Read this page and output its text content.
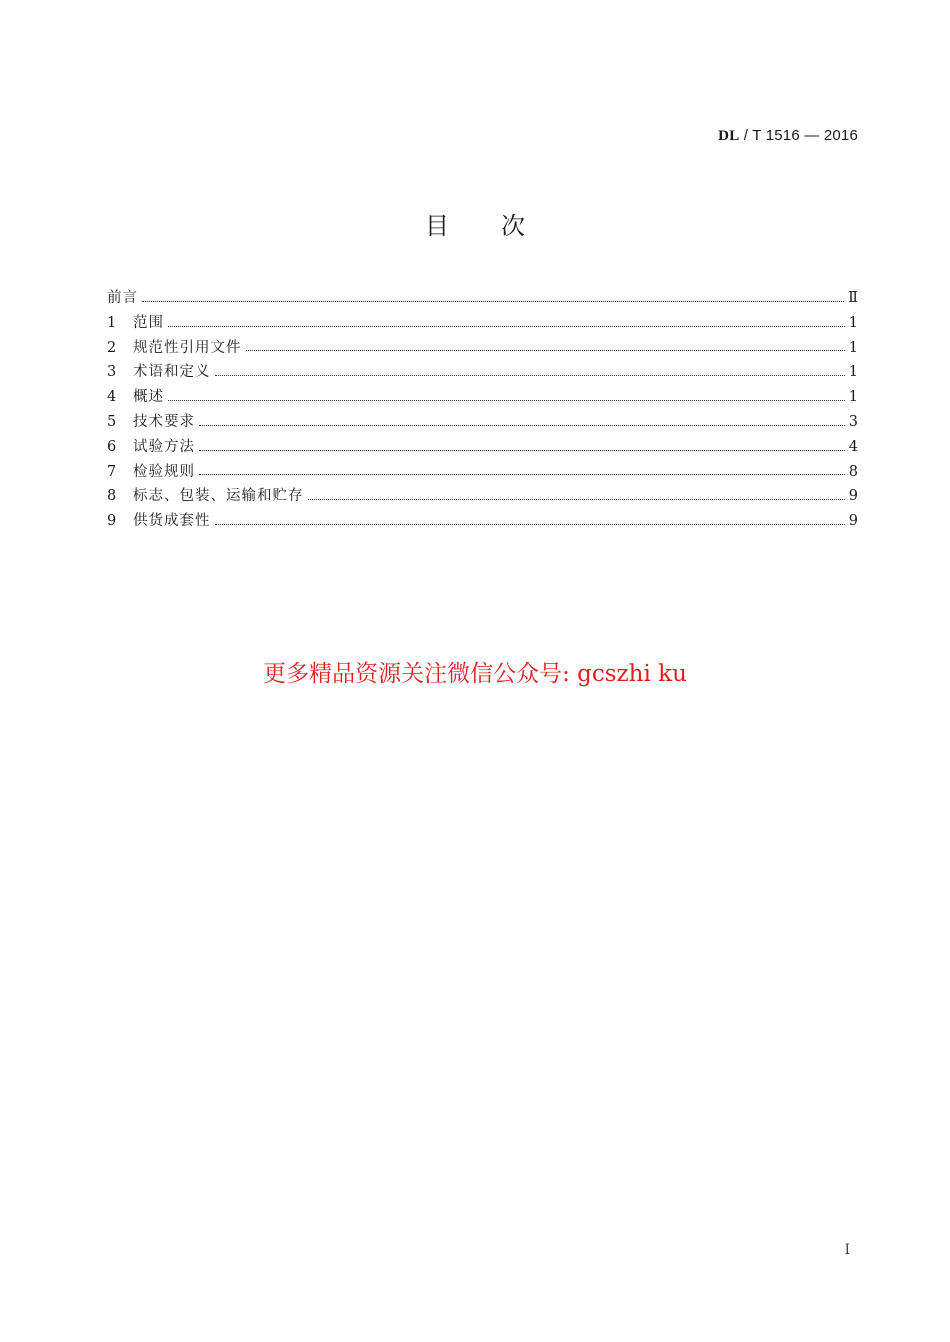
DL / T 1516 — 2016
目次
前言	Ⅱ
1	范围	1
2	规范性引用文件	1
3	术语和定义	1
4	概述	1
5	技术要求	3
6	试验方法	4
7	检验规则	8
8	标志、包装、运输和贮存	9
9	供货成套性	9
更多精品资源关注微信公众号: gcszhi ku
I
